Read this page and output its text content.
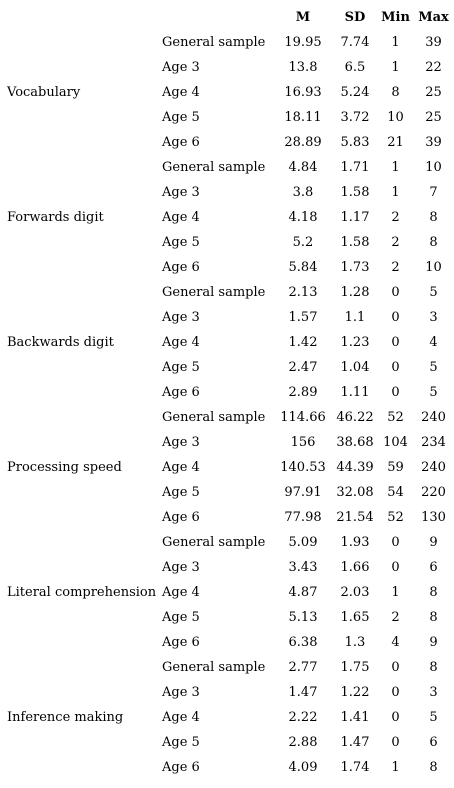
		M	SD	Min	Max
	General sample	19.95	7.74	1	39
	Age 3	13.8	6.5	1	22
Vocabulary	Age 4	16.93	5.24	8	25
	Age 5	18.11	3.72	10	25
	Age 6	28.89	5.83	21	39
	General sample	4.84	1.71	1	10
	Age 3	3.8	1.58	1	7
Forwards digit	Age 4	4.18	1.17	2	8
	Age 5	5.2	1.58	2	8
	Age 6	5.84	1.73	2	10
	General sample	2.13	1.28	0	5
	Age 3	1.57	1.1	0	3
Backwards digit	Age 4	1.42	1.23	0	4
	Age 5	2.47	1.04	0	5
	Age 6	2.89	1.11	0	5
	General sample	114.66	46.22	52	240
	Age 3	156	38.68	104	234
Processing speed	Age 4	140.53	44.39	59	240
	Age 5	97.91	32.08	54	220
	Age 6	77.98	21.54	52	130
	General sample	5.09	1.93	0	9
	Age 3	3.43	1.66	0	6
Literal comprehension	Age 4	4.87	2.03	1	8
	Age 5	5.13	1.65	2	8
	Age 6	6.38	1.3	4	9
	General sample	2.77	1.75	0	8
	Age 3	1.47	1.22	0	3
Inference making	Age 4	2.22	1.41	0	5
	Age 5	2.88	1.47	0	6
	Age 6	4.09	1.74	1	8
